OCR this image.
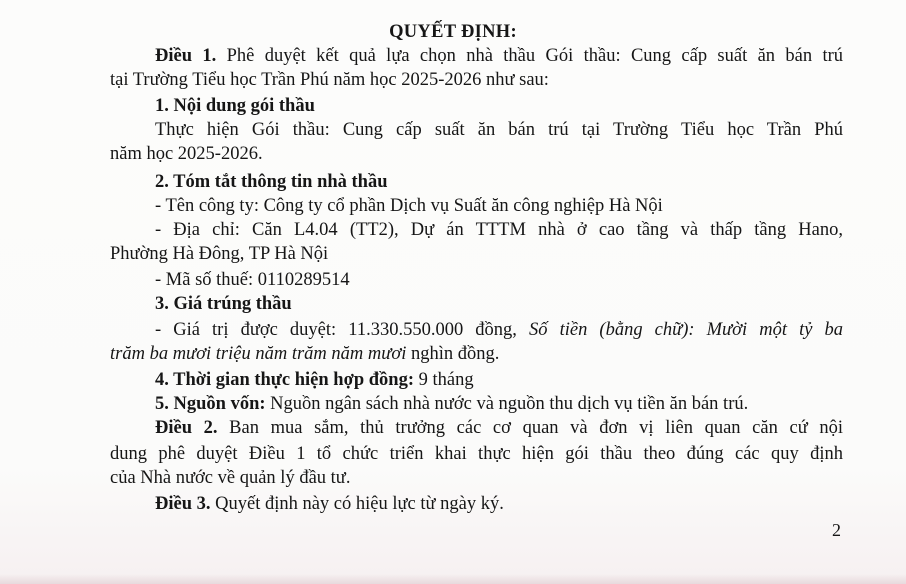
QUYẾT ĐỊNH:
Điều 1. Phê duyệt kết quả lựa chọn nhà thầu Gói thầu: Cung cấp suất ăn bán trú
tại Trường Tiểu học Trần Phú năm học 2025-2026 như sau:
1. Nội dung gói thầu
Thực hiện Gói thầu: Cung cấp suất ăn bán trú tại Trường Tiểu học Trần Phú
năm học 2025-2026.
2. Tóm tắt thông tin nhà thầu
- Tên công ty: Công ty cổ phần Dịch vụ Suất ăn công nghiệp Hà Nội
- Địa chỉ: Căn L4.04 (TT2), Dự án TTTM nhà ở cao tầng và thấp tầng Hano,
Phường Hà Đông, TP Hà Nội
- Mã số thuế: 0110289514
3. Giá trúng thầu
- Giá trị được duyệt: 11.330.550.000 đồng, Số tiền (bằng chữ): Mười một tỷ ba
trăm ba mươi triệu năm trăm năm mươi nghìn đồng.
4. Thời gian thực hiện hợp đồng: 9 tháng
5. Nguồn vốn: Nguồn ngân sách nhà nước và nguồn thu dịch vụ tiền ăn bán trú.
Điều 2. Ban mua sắm, thủ trưởng các cơ quan và đơn vị liên quan căn cứ nội
dung phê duyệt Điều 1 tổ chức triển khai thực hiện gói thầu theo đúng các quy định
của Nhà nước về quản lý đầu tư.
Điều 3. Quyết định này có hiệu lực từ ngày ký.
2
